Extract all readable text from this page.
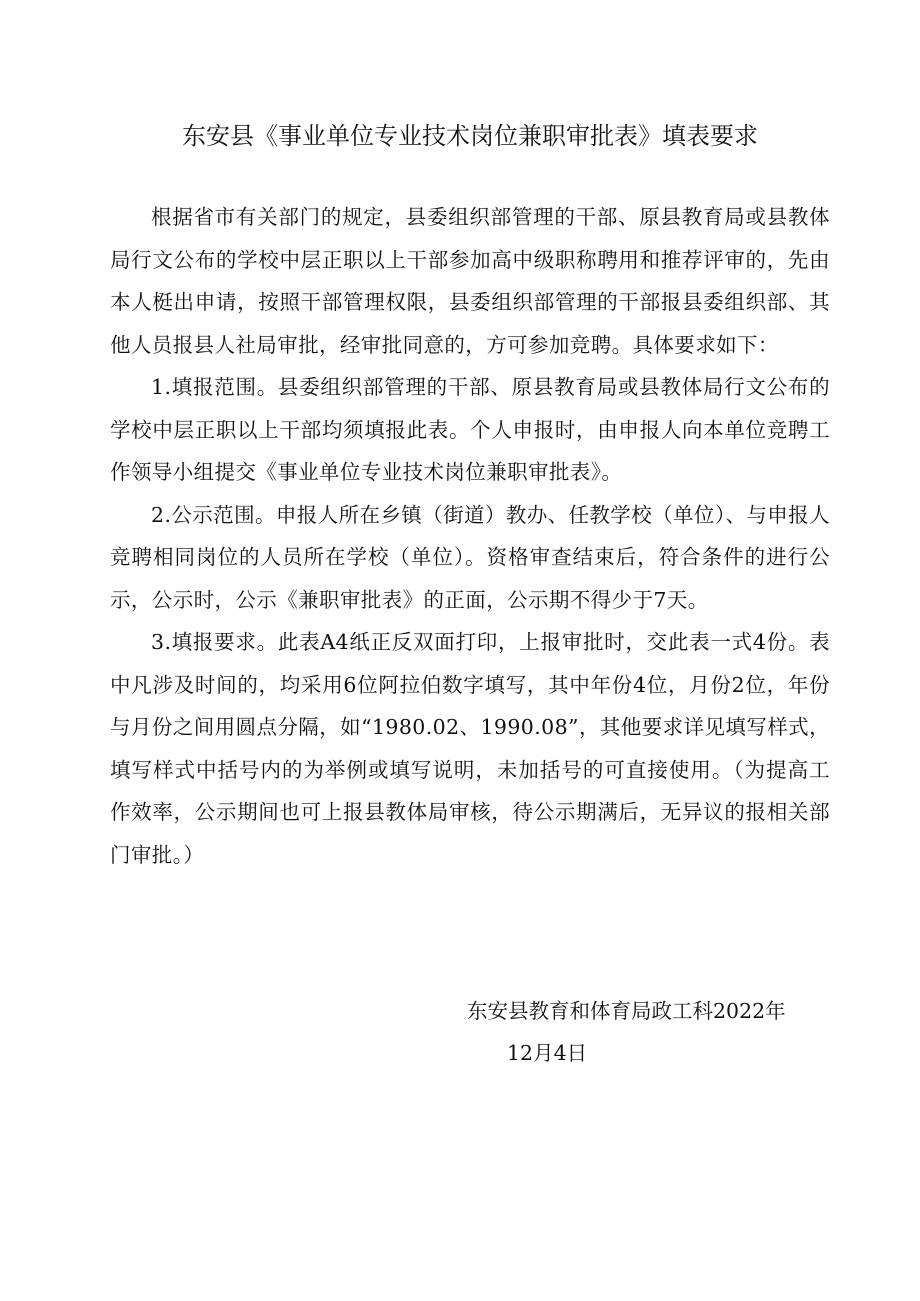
东安县《事业单位专业技术岗位兼职审批表》填表要求

根据省市有关部门的规定，县委组织部管理的干部、原县教育局或县教体局行文公布的学校中层正职以上干部参加高中级职称聘用和推荐评审的，先由本人梃出申请，按照干部管理权限，县委组织部管理的干部报县委组织部、其他人员报县人社局审批，经审批同意的，方可参加竞聘。具体要求如下：

1.填报范围。县委组织部管理的干部、原县教育局或县教体局行文公布的学校中层正职以上干部均须填报此表。个人申报时，由申报人向本单位竞聘工作领导小组提交《事业单位专业技术岗位兼职审批表》。

2.公示范围。申报人所在乡镇（街道）教办、任教学校（单位）、与申报人竞聘相同岗位的人员所在学校（单位）。资格审查结束后，符合条件的进行公示，公示时，公示《兼职审批表》的正面，公示期不得少于7天。

3.填报要求。此表A4纸正反双面打印，上报审批时，交此表一式4份。表中凡涉及时间的，均采用6位阿拉伯数字填写，其中年份4位，月份2位，年份与月份之间用圆点分隔，如“1980.02、1990.08”，其他要求详见填写样式，填写样式中括号内的为举例或填写说明，未加括号的可直接使用。（为提高工作效率，公示期间也可上报县教体局审核，待公示期满后，无异议的报相关部门审批。）

东安县教育和体育局政工科2022年
12月4日
